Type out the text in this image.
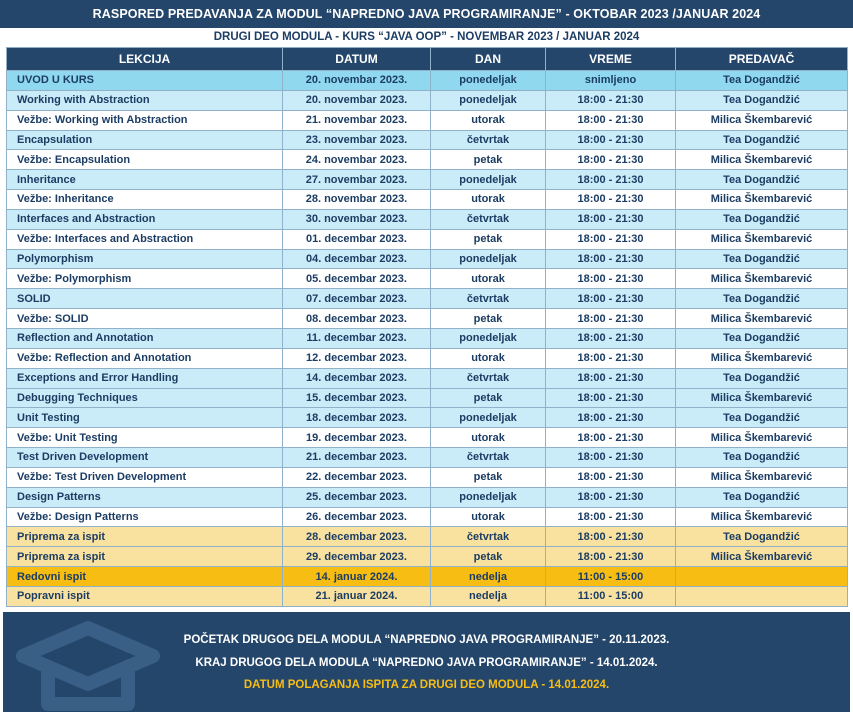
RASPORED PREDAVANJA ZA MODUL “NAPREDNO JAVA PROGRAMIRANJE” - OKTOBAR 2023 /JANUAR 2024
DRUGI DEO MODULA - KURS “JAVA OOP” - NOVEMBAR 2023 / JANUAR 2024
LEKCIJA	DATUM	DAN	VREME	PREDAVAČ
UVOD U KURS	20. novembar 2023.	ponedeljak	snimljeno	Tea Dogandžić
Working with Abstraction	20. novembar 2023.	ponedeljak	18:00 - 21:30	Tea Dogandžić
Vežbe: Working with Abstraction	21. novembar 2023.	utorak	18:00 - 21:30	Milica Škembarević
Encapsulation	23. novembar 2023.	četvrtak	18:00 - 21:30	Tea Dogandžić
Vežbe: Encapsulation	24. novembar 2023.	petak	18:00 - 21:30	Milica Škembarević
Inheritance	27. novembar 2023.	ponedeljak	18:00 - 21:30	Tea Dogandžić
Vežbe: Inheritance	28. novembar 2023.	utorak	18:00 - 21:30	Milica Škembarević
Interfaces and Abstraction	30. novembar 2023.	četvrtak	18:00 - 21:30	Tea Dogandžić
Vežbe: Interfaces and Abstraction	01. decembar 2023.	petak	18:00 - 21:30	Milica Škembarević
Polymorphism	04. decembar 2023.	ponedeljak	18:00 - 21:30	Tea Dogandžić
Vežbe: Polymorphism	05. decembar 2023.	utorak	18:00 - 21:30	Milica Škembarević
SOLID	07. decembar 2023.	četvrtak	18:00 - 21:30	Tea Dogandžić
Vežbe: SOLID	08. decembar 2023.	petak	18:00 - 21:30	Milica Škembarević
Reflection and Annotation	11. decembar 2023.	ponedeljak	18:00 - 21:30	Tea Dogandžić
Vežbe: Reflection and Annotation	12. decembar 2023.	utorak	18:00 - 21:30	Milica Škembarević
Exceptions and Error Handling	14. decembar 2023.	četvrtak	18:00 - 21:30	Tea Dogandžić
Debugging Techniques	15. decembar 2023.	petak	18:00 - 21:30	Milica Škembarević
Unit Testing	18. decembar 2023.	ponedeljak	18:00 - 21:30	Tea Dogandžić
Vežbe: Unit Testing	19. decembar 2023.	utorak	18:00 - 21:30	Milica Škembarević
Test Driven Development	21. decembar 2023.	četvrtak	18:00 - 21:30	Tea Dogandžić
Vežbe: Test Driven Development	22. decembar 2023.	petak	18:00 - 21:30	Milica Škembarević
Design Patterns	25. decembar 2023.	ponedeljak	18:00 - 21:30	Tea Dogandžić
Vežbe: Design Patterns	26. decembar 2023.	utorak	18:00 - 21:30	Milica Škembarević
Priprema za ispit	28. decembar 2023.	četvrtak	18:00 - 21:30	Tea Dogandžić
Priprema za ispit	29. decembar 2023.	petak	18:00 - 21:30	Milica Škembarević
Redovni ispit	14. januar 2024.	nedelja	11:00 - 15:00	
Popravni ispit	21. januar 2024.	nedelja	11:00 - 15:00	
POČETAK DRUGOG DELA MODULA “NAPREDNO JAVA PROGRAMIRANJE” - 20.11.2023.
KRAJ DRUGOG DELA MODULA “NAPREDNO JAVA PROGRAMIRANJE” - 14.01.2024.
DATUM POLAGANJA ISPITA ZA DRUGI DEO MODULA - 14.01.2024.
